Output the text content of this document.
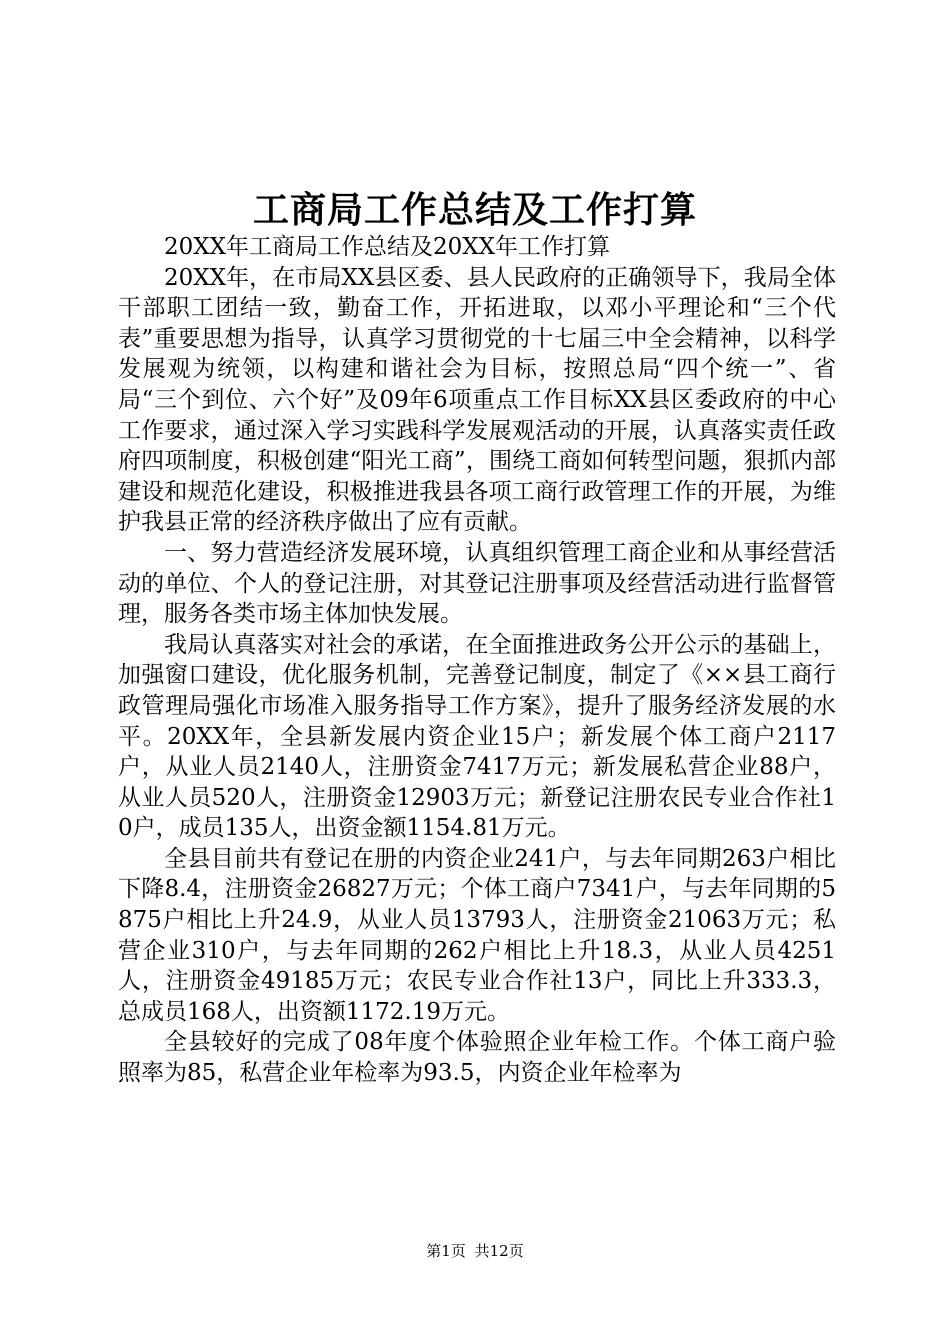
工商局工作总结及工作打算

20XX年工商局工作总结及20XX年工作打算

20XX年，在市局XX县区委、县人民政府的正确领导下，我局全体干部职工团结一致，勤奋工作，开拓进取，以邓小平理论和“三个代表”重要思想为指导，认真学习贯彻党的十七届三中全会精神，以科学发展观为统领，以构建和谐社会为目标，按照总局“四个统一”、省局“三个到位、六个好”及09年6项重点工作目标XX县区委政府的中心工作要求，通过深入学习实践科学发展观活动的开展，认真落实责任政府四项制度，积极创建“阳光工商”，围绕工商如何转型问题，狠抓内部建设和规范化建设，积极推进我县各项工商行政管理工作的开展，为维护我县正常的经济秩序做出了应有贡献。

一、努力营造经济发展环境，认真组织管理工商企业和从事经营活动的单位、个人的登记注册，对其登记注册事项及经营活动进行监督管理，服务各类市场主体加快发展。

我局认真落实对社会的承诺，在全面推进政务公开公示的基础上，加强窗口建设，优化服务机制，完善登记制度，制定了《××县工商行政管理局强化市场准入服务指导工作方案》，提升了服务经济发展的水平。20XX年，全县新发展内资企业15户；新发展个体工商户2117户，从业人员2140人，注册资金7417万元；新发展私营企业88户，从业人员520人，注册资金12903万元；新登记注册农民专业合作社10户，成员135人，出资金额1154.81万元。

全县目前共有登记在册的内资企业241户，与去年同期263户相比下降8.4，注册资金26827万元；个体工商户7341户，与去年同期的5875户相比上升24.9，从业人员13793人，注册资金21063万元；私营企业310户，与去年同期的262户相比上升18.3，从业人员4251人，注册资金49185万元；农民专业合作社13户，同比上升333.3，总成员168人，出资额1172.19万元。

全县较好的完成了08年度个体验照企业年检工作。个体工商户验照率为85，私营企业年检率为93.5，内资企业年检率为

第1页 共12页
